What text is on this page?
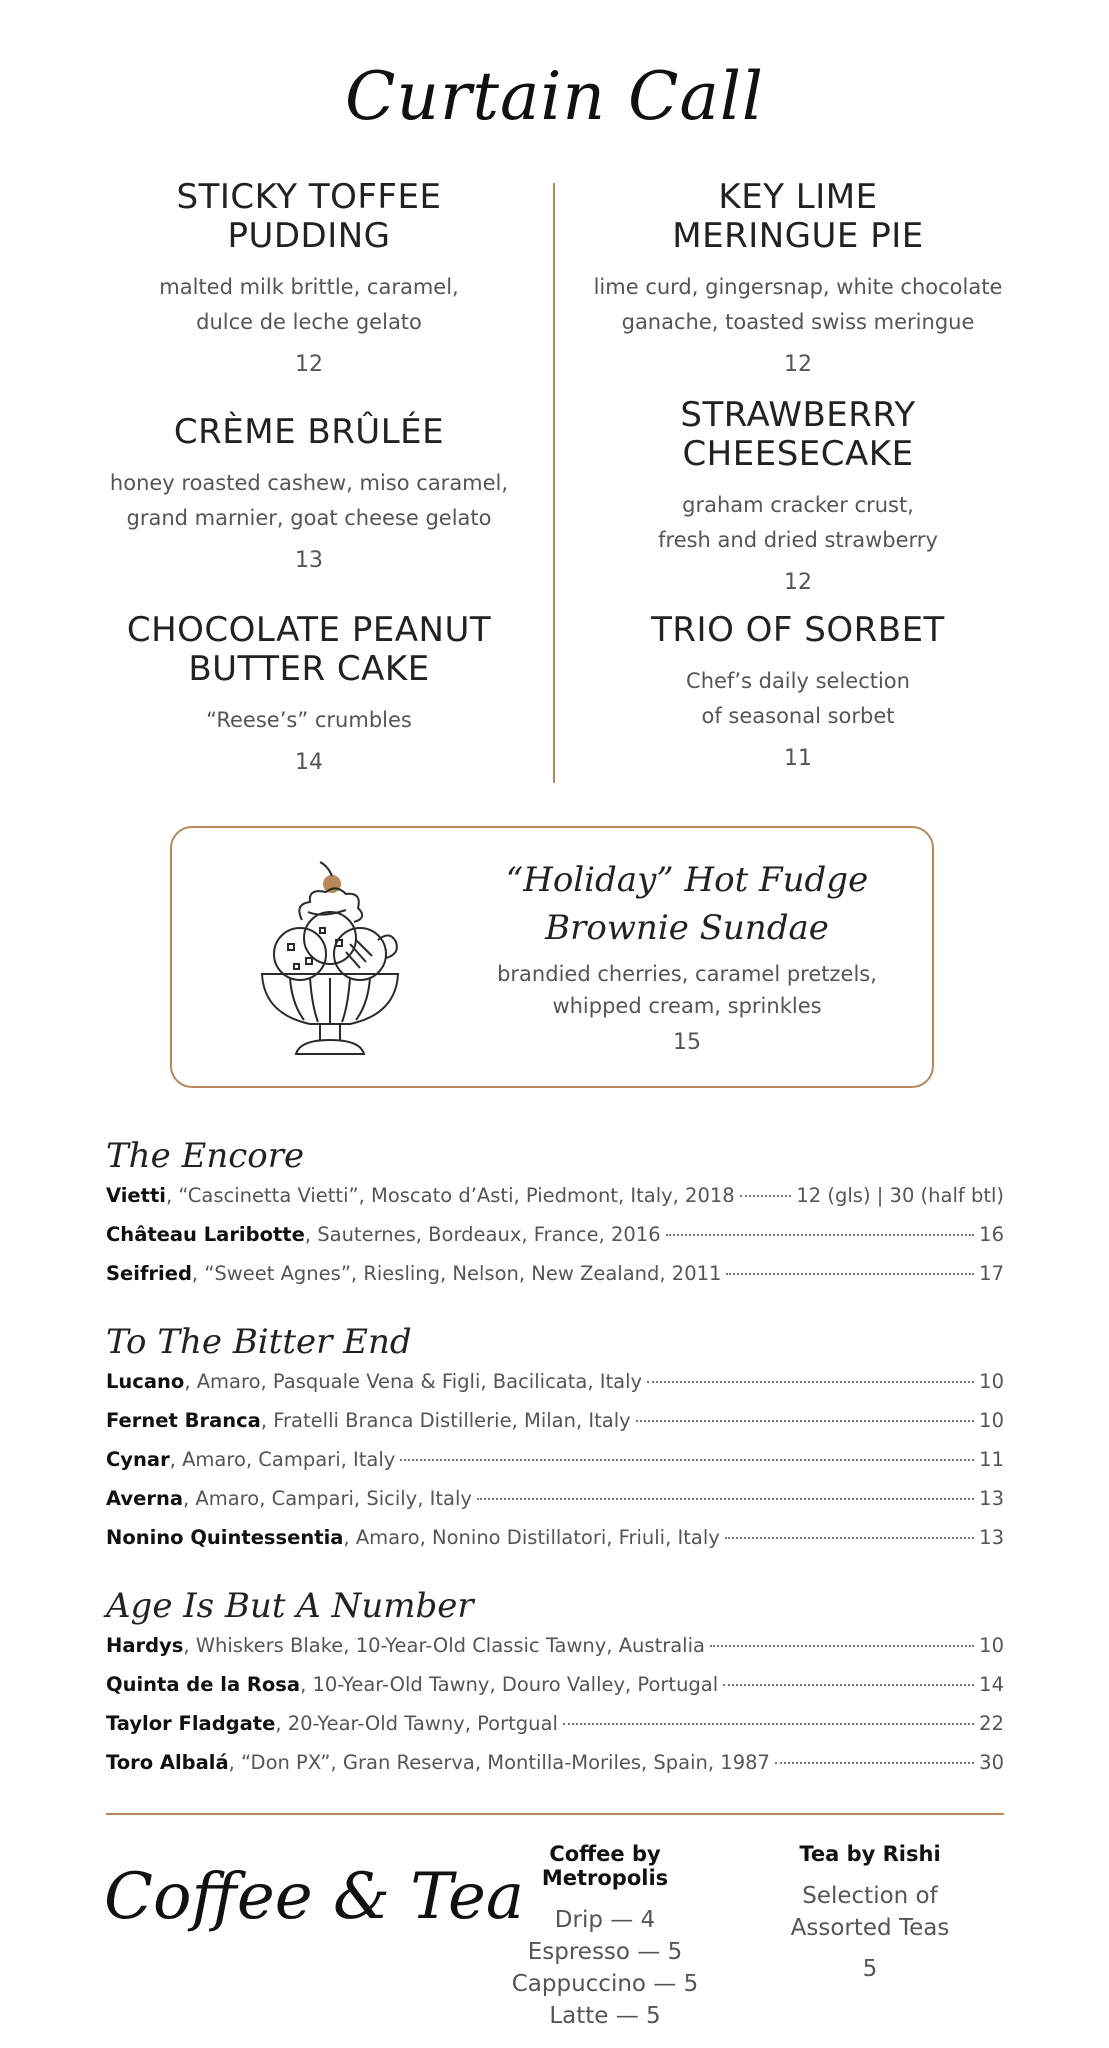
Curtain Call
STICKY TOFFEE
PUDDING
malted milk brittle, caramel,
dulce de leche gelato
12
CRÈME BRÛLÉE
honey roasted cashew, miso caramel,
grand marnier, goat cheese gelato
13
CHOCOLATE PEANUT
BUTTER CAKE
“Reese’s” crumbles
14
KEY LIME
MERINGUE PIE
lime curd, gingersnap, white chocolate
ganache, toasted swiss meringue
12
STRAWBERRY
CHEESECAKE
graham cracker crust,
fresh and dried strawberry
12
TRIO OF SORBET
Chef’s daily selection
of seasonal sorbet
11
“Holiday” Hot Fudge
Brownie Sundae
brandied cherries, caramel pretzels,
whipped cream, sprinkles
15
The Encore
Vietti , “Cascinetta Vietti”, Moscato d’Asti, Piedmont, Italy, 2018	12 (gls) | 30 (half btl)
Château Laribotte , Sauternes, Bordeaux, France, 2016	16
Seifried , “Sweet Agnes”, Riesling, Nelson, New Zealand, 2011	17
To The Bitter End
Lucano , Amaro, Pasquale Vena & Figli, Bacilicata, Italy	10
Fernet Branca , Fratelli Branca Distillerie, Milan, Italy	10
Cynar , Amaro, Campari, Italy	11
Averna , Amaro, Campari, Sicily, Italy	13
Nonino Quintessentia , Amaro, Nonino Distillatori, Friuli, Italy	13
Age Is But A Number
Hardys , Whiskers Blake, 10-Year-Old Classic Tawny, Australia	10
Quinta de la Rosa , 10-Year-Old Tawny, Douro Valley, Portugal	14
Taylor Fladgate , 20-Year-Old Tawny, Portgual	22
Toro Albalá , “Don PX”, Gran Reserva, Montilla-Moriles, Spain, 1987	30
Coffee & Tea
Coffee by Metropolis
Drip — 4
Espresso — 5
Cappuccino — 5
Latte — 5
Tea by Rishi
Selection of
Assorted Teas
5
